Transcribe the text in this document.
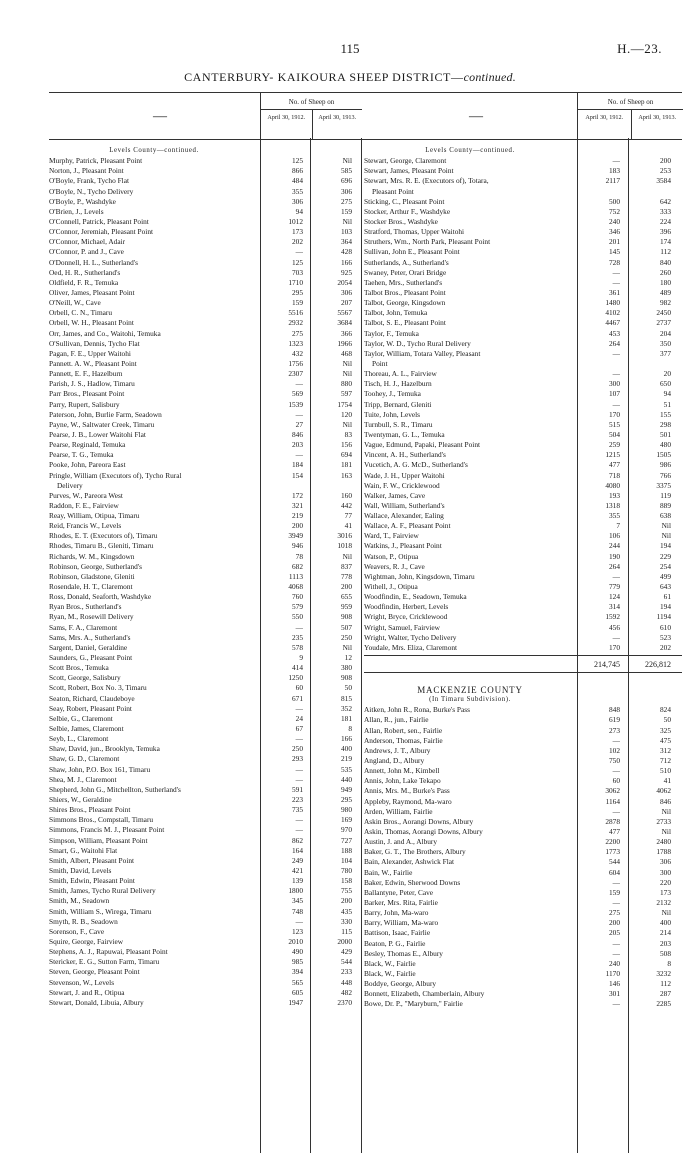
115	H.—23.
CANTERBURY- KAIKOURA SHEEP DISTRICT—continued.
—
No. of Sheep on
April 30, 1912.	April 30, 1913.	—
No. of Sheep on
April 30, 1912.	April 30, 1913.
Levels County—continued.
Murphy, Patrick, Pleasant Point	125	Nil
Norton, J., Pleasant Point	866	585
O'Boyle, Frank, Tycho Flat	484	696
O'Boyle, N., Tycho Delivery	355	306
O'Boyle, P., Washdyke	306	275
O'Brien, J., Levels	94	159
O'Connell, Patrick, Pleasant Point	1012	Nil
O'Connor, Jeremiah, Pleasant Point	173	103
O'Connor, Michael, Adair	202	364
O'Connor, P. and J., Cave	—	428
O'Donnell, H. L., Sutherland's	125	166
Oed, H. R., Sutherland's	703	925
Oldfield, F. R., Temuka	1710	2054
Oliver, James, Pleasant Point	295	306
O'Neill, W., Cave	159	207
Orbell, C. N., Timaru	5516	5567
Orbell, W. H., Pleasant Point	2932	3684
Orr, James, and Co., Waitohi, Temuka	275	366
O'Sullivan, Dennis, Tycho Flat	1323	1966
Pagan, F. E., Upper Waitohi	432	468
Pannett. A. W., Pleasant Point	1756	Nil
Pannett, E. F., Hazelburn	2307	Nil
Parish, J. S., Hadlow, Timaru	—	880
Parr Bros., Pleasant Point	569	597
Parry, Rupert, Salisbury	1539	1754
Paterson, John, Burlie Farm, Seadown	—	120
Payne, W., Saltwater Creek, Timaru	27	Nil
Pearse, J. B., Lower Waitohi Flat	846	83
Pearse, Reginald, Temuka	203	156
Pearse, T. G., Temuka	—	694
Pooke, John, Pareora East	184	181
Pringle, William (Executors of), Tycho Rural	154	163
Delivery
Purves, W., Pareora West	172	160
Raddon, F. E., Fairview	321	442
Reay, William, Otipua, Timaru	219	77
Reid, Francis W., Levels	200	41
Rhodes, E. T. (Executors of), Timaru	3949	3016
Rhodes, Timaru B., Gleniti, Timaru	946	1018
Richards, W. M., Kingsdown	78	Nil
Robinson, George, Sutherland's	682	837
Robinson, Gladstone, Gleniti	1113	778
Rosendale, H. T., Claremont	4068	200
Ross, Donald, Seaforth, Washdyke	760	655
Ryan Bros., Sutherland's	579	959
Ryan, M., Rosewill Delivery	550	908
Sams, F. A., Claremont	—	507
Sams, Mrs. A., Sutherland's	235	250
Sargent, Daniel, Geraldine	578	Nil
Saunders, G., Pleasant Point	9	12
Scott Bros., Temuka	414	380
Scott, George, Salisbury	1250	908
Scott, Robert, Box No. 3, Timaru	60	50
Seaton, Richard, Claudeboye	671	815
Seay, Robert, Pleasant Point	—	352
Selbie, G., Claremont	24	181
Selbie, James, Claremont	67	8
Seyb, L., Claremont	—	166
Shaw, David, jun., Brooklyn, Temuka	250	400
Shaw, G. D., Claremont	293	219
Shaw, John, P.O. Box 161, Timaru	—	535
Shea, M. J., Claremont	—	440
Shepherd, John G., Mitchellton, Sutherland's	591	949
Shiers, W., Geraldine	223	295
Shires Bros., Pleasant Point	735	980
Simmons Bros., Compstall, Timaru	—	169
Simmons, Francis M. J., Pleasant Point	—	970
Simpson, William, Pleasant Point	862	727
Smart, G., Waitohi Flat	164	188
Smith, Albert, Pleasant Point	249	104
Smith, David, Levels	421	780
Smith, Edwin, Pleasant Point	139	158
Smith, James, Tycho Rural Delivery	1800	755
Smith, M., Seadown	345	200
Smith, William S., Wirega, Timaru	748	435
Smyth, R. B., Seadown	—	330
Sorenson, F., Cave	123	115
Squire, George, Fairview	2010	2000
Stephens, A. J., Rapuwai, Pleasant Point	490	429
Stericker, E. G., Sutton Farm, Timaru	985	544
Steven, George, Pleasant Point	394	233
Stevenson, W., Levels	565	448
Stewart, J. and R., Otipua	605	482
Stewart, Donald, Libuia, Albury	1947	2370
Levels County—continued.
Stewart, George, Claremont	—	200
Stewart, James, Pleasant Point	183	253
Stewart, Mrs. R. E. (Executors of), Totara,	2117	3584
Pleasant Point
Sticking, C., Pleasant Point	500	642
Stocker, Arthur F., Washdyke	752	333
Stocker Bros., Washdyke	240	224
Stratford, Thomas, Upper Waitohi	346	396
Struthers, Wm., North Park, Pleasant Point	201	174
Sullivan, John E., Pleasant Point	145	112
Sutherlands, A., Sutherland's	728	840
Swaney, Peter, Orari Bridge	—	260
Taehen, Mrs., Sutherland's	—	180
Talbot Bros., Pleasant Point	361	489
Talbot, George, Kingsdown	1480	982
Talbot, John, Temuka	4102	2450
Talbot, S. E., Pleasant Point	4467	2737
Taylor, F., Temuka	453	204
Taylor, W. D., Tycho Rural Delivery	264	350
Taylor, William, Totara Valley, Pleasant	—	377
Point
Thoreau, A. L., Fairview	—	20
Tisch, H. J., Hazelburn	300	650
Toohey, J., Temuka	107	94
Tripp, Bernard, Gleniti	—	51
Tuite, John, Levels	170	155
Turnbull, S. R., Timaru	515	298
Twentyman, G. L., Temuka	504	501
Vague, Edmund, Papaki, Pleasant Point	259	480
Vincent, A. H., Sutherland's	1215	1505
Vucetich, A. G. McD., Sutherland's	477	986
Wade, J. H., Upper Waitohi	718	766
Wain, F. W., Cricklewood	4080	3375
Walker, James, Cave	193	119
Wall, William, Sutherland's	1318	889
Wallace, Alexander, Ealing	355	638
Wallace, A. F., Pleasant Point	7	Nil
Ward, T., Fairview	106	Nil
Watkins, J., Pleasant Point	244	194
Watson, P., Otipua	190	229
Weavers, R. J., Cave	264	254
Wightman, John, Kingsdown, Timaru	—	499
Withell, J., Otipua	779	643
Woodfindin, E., Seadown, Temuka	124	61
Woodfindin, Herbert, Levels	314	194
Wright, Bryce, Cricklewood	1592	1194
Wright, Samuel, Fairview	456	610
Wright, Walter, Tycho Delivery	—	523
Youdale, Mrs. Eliza, Claremont	170	202
214,745	226,812
MACKENZIE COUNTY
(In Timaru Subdivision).
Aitken, John R., Rona, Burke's Pass	848	824
Allan, R., jun., Fairlie	619	50
Allan, Robert, sen., Fairlie	273	325
Anderson, Thomas, Fairlie	—	475
Andrews, J. T., Albury	102	312
Angland, D., Albury	750	712
Annett, John M., Kimbell	—	510
Annis, John, Lake Tekapo	60	41
Annis, Mrs. M., Burke's Pass	3062	4062
Appleby, Raymond, Ma-waro	1164	846
Arden, William, Fairlie	—	Nil
Askin Bros., Aorangi Downs, Albury	2878	2733
Askin, Thomas, Aorangi Downs, Albury	477	Nil
Austin, J. and A., Albury	2200	2480
Baker, G. T., The Brothers, Albury	1773	1788
Bain, Alexander, Ashwick Flat	544	306
Bain, W., Fairlie	604	300
Baker, Edwin, Sherwood Downs	—	220
Ballantyne, Peter, Cave	159	173
Barker, Mrs. Rita, Fairlie	—	2132
Barry, John, Ma-waro	275	Nil
Barry, William, Ma-waro	200	400
Battison, Isaac, Fairlie	205	214
Beaton, P. G., Fairlie	—	203
Besley, Thomas E., Albury	—	508
Black, W., Fairlie	240	8
Black, W., Fairlie	1170	3232
Boddye, George, Albury	146	112
Bonnett, Elizabeth, Chamberlain, Albury	301	287
Bowe, Dr. P., "Maryburn," Fairlie	—	2285
